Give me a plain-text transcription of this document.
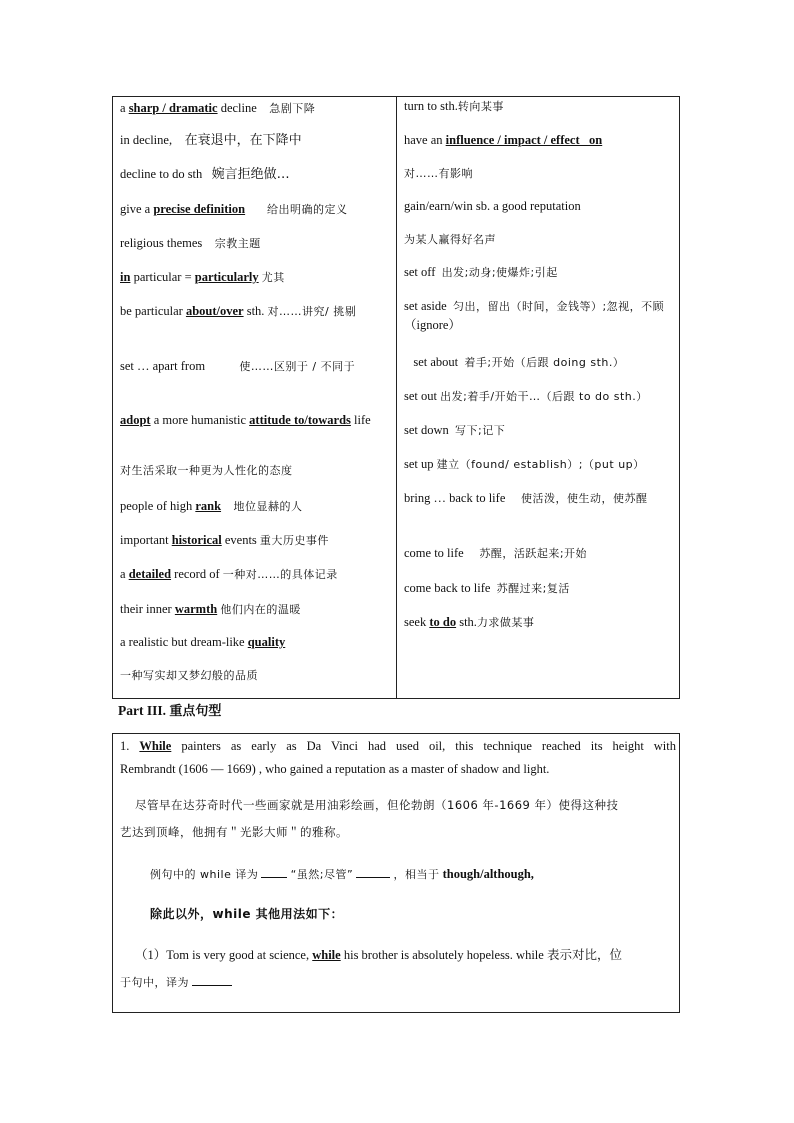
a sharp / dramatic decline 急剧下降
in decline, 在衰退中，在下降中
decline to do sth 婉言拒绝做…
give a precise definition 给出明确的定义
religious themes 宗教主题
in particular = particularly 尤其
be particular about/over sth. 对……讲究/ 挑剔
set … apart from	使……区别于 / 不同于
adopt a more humanistic attitude to/towards life
对生活采取一种更为人性化的态度
people of high rank 地位显赫的人
important historical events 重大历史事件
a detailed record of 一种对……的具体记录
their inner warmth 他们内在的温暖
a realistic but dream-like quality
一种写实却又梦幻般的品质
turn to sth.转向某事
have an influence / impact / effect   on
对……有影响
gain/earn/win sb. a good reputation
为某人赢得好名声
set off 出发;动身;使爆炸;引起
set aside 匀出，留出（时间，金钱等）;忽视，不顾 （ignore）
set about 着手;开始（后跟 doing sth.）
set out 出发;着手/开始干…（后跟 to do sth.）
set down 写下;记下
set up 建立（found/ establish）;（put up）
bring … back to life 使活泼，使生动，使苏醒
come to life 苏醒，活跃起来;开始
come back to life 苏醒过来;复活
seek to do sth.力求做某事
Part III. 重点句型
1. While painters as early as Da Vinci had used oil, this technique reached its height with
Rembrandt (1606 — 1669) , who gained a reputation as a master of shadow and light.
尽管早在达芬奇时代一些画家就是用油彩绘画，但伦勃朗（1606 年-1669 年）使得这种技
艺达到顶峰，他拥有＂光影大师＂的雅称。
例句中的 while 译为	“虽然;尽管”	，相当于 though/although,
除此以外，while 其他用法如下：
（1）Tom is very good at science, while his brother is absolutely hopeless. while 表示对比，位
于句中，译为
